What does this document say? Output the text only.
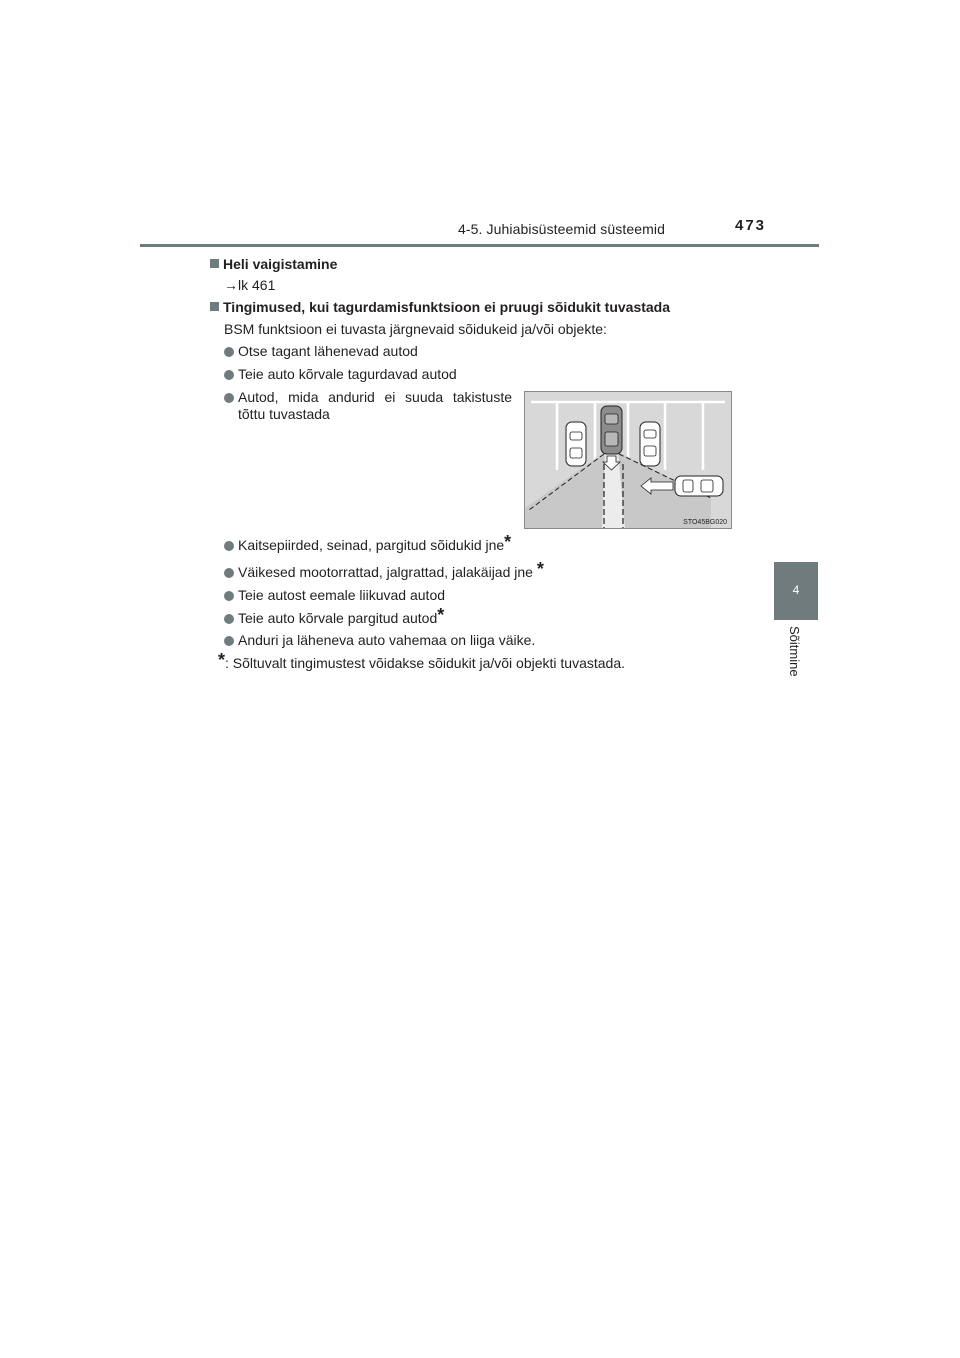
4-5. Juhiabisüsteemid süsteemid	473
4
Sõitmine
Heli vaigistamine
→lk 461
Tingimused, kui tagurdamisfunktsioon ei pruugi sõidukit tuvastada
BSM funktsioon ei tuvasta järgnevaid sõidukeid ja/või objekte:
Otse tagant lähenevad autod
Teie auto kõrvale tagurdavad autod
Autod, mida andurid ei suuda takistuste
tõttu tuvastada
Kaitsepiirded, seinad, pargitud sõidukid jne*
Väikesed mootorrattad, jalgrattad, jalakäijad jne *
Teie autost eemale liikuvad autod
Teie auto kõrvale pargitud autod*
Anduri ja läheneva auto vahemaa on liiga väike.
*: Sõltuvalt tingimustest võidakse sõidukit ja/või objekti tuvastada.
STO45BG020
